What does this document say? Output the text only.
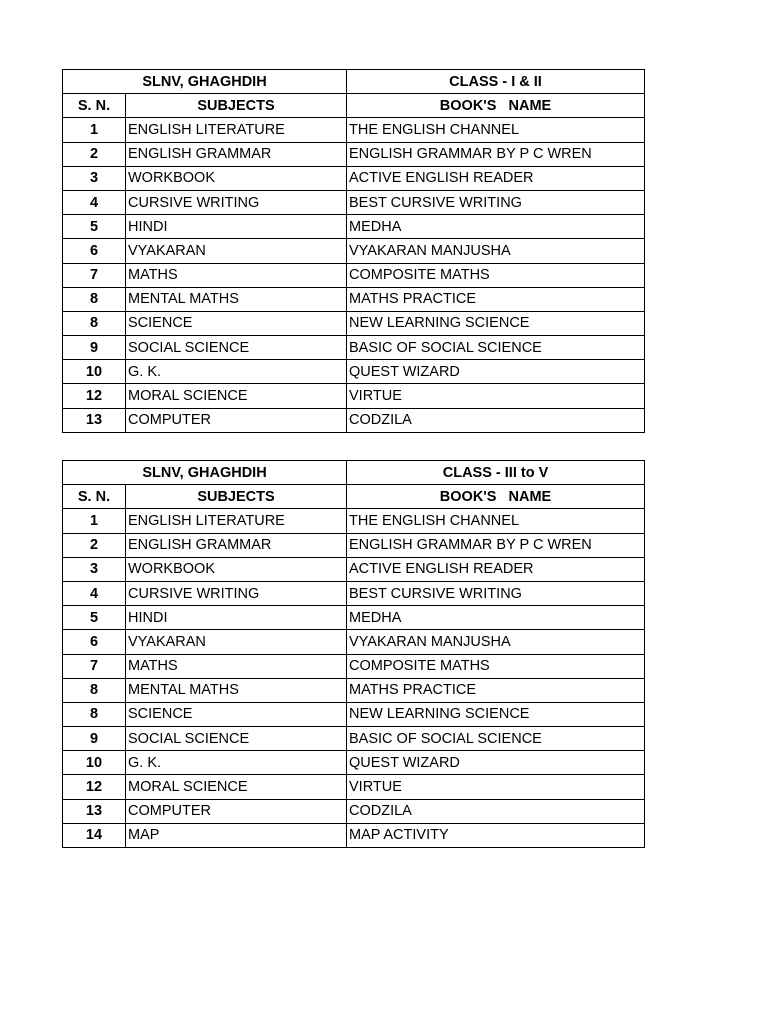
SLNV, GHAGHDIH		CLASS - I & II
S. N.	SUBJECTS	BOOK'S   NAME
1	ENGLISH LITERATURE	THE ENGLISH CHANNEL
2	ENGLISH GRAMMAR	ENGLISH GRAMMAR BY P C WREN
3	WORKBOOK	ACTIVE ENGLISH READER
4	CURSIVE WRITING	BEST CURSIVE WRITING
5	HINDI	MEDHA
6	VYAKARAN	VYAKARAN MANJUSHA
7	MATHS	COMPOSITE MATHS
8	MENTAL MATHS	MATHS PRACTICE
8	SCIENCE	NEW LEARNING SCIENCE
9	SOCIAL SCIENCE	BASIC OF SOCIAL SCIENCE
10	G. K.	QUEST WIZARD
12	MORAL SCIENCE	VIRTUE
13	COMPUTER	CODZILA
SLNV, GHAGHDIH		CLASS - III to V
S. N.	SUBJECTS	BOOK'S   NAME
1	ENGLISH LITERATURE	THE ENGLISH CHANNEL
2	ENGLISH GRAMMAR	ENGLISH GRAMMAR BY P C WREN
3	WORKBOOK	ACTIVE ENGLISH READER
4	CURSIVE WRITING	BEST CURSIVE WRITING
5	HINDI	MEDHA
6	VYAKARAN	VYAKARAN MANJUSHA
7	MATHS	COMPOSITE MATHS
8	MENTAL MATHS	MATHS PRACTICE
8	SCIENCE	NEW LEARNING SCIENCE
9	SOCIAL SCIENCE	BASIC OF SOCIAL SCIENCE
10	G. K.	QUEST WIZARD
12	MORAL SCIENCE	VIRTUE
13	COMPUTER	CODZILA
14	MAP	MAP ACTIVITY
